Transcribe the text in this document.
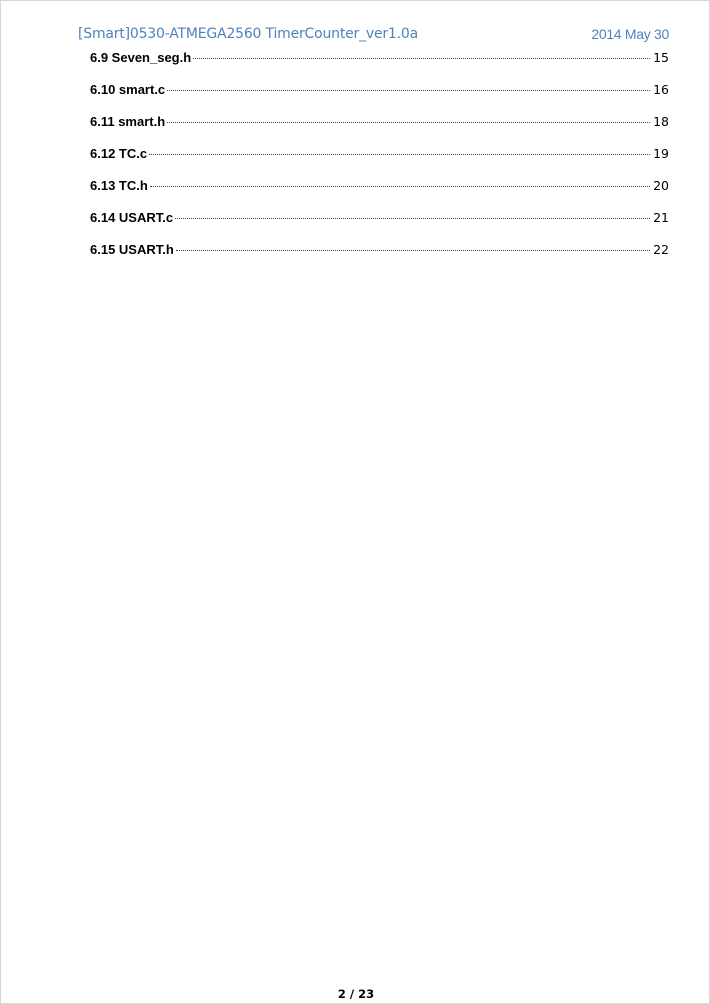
[Smart]0530-ATMEGA2560 TimerCounter_ver1.0a	2014 May 30
6.9 Seven_seg.h	15
6.10 smart.c	16
6.11 smart.h	18
6.12 TC.c	19
6.13 TC.h	20
6.14 USART.c	21
6.15 USART.h	22
2 / 23
